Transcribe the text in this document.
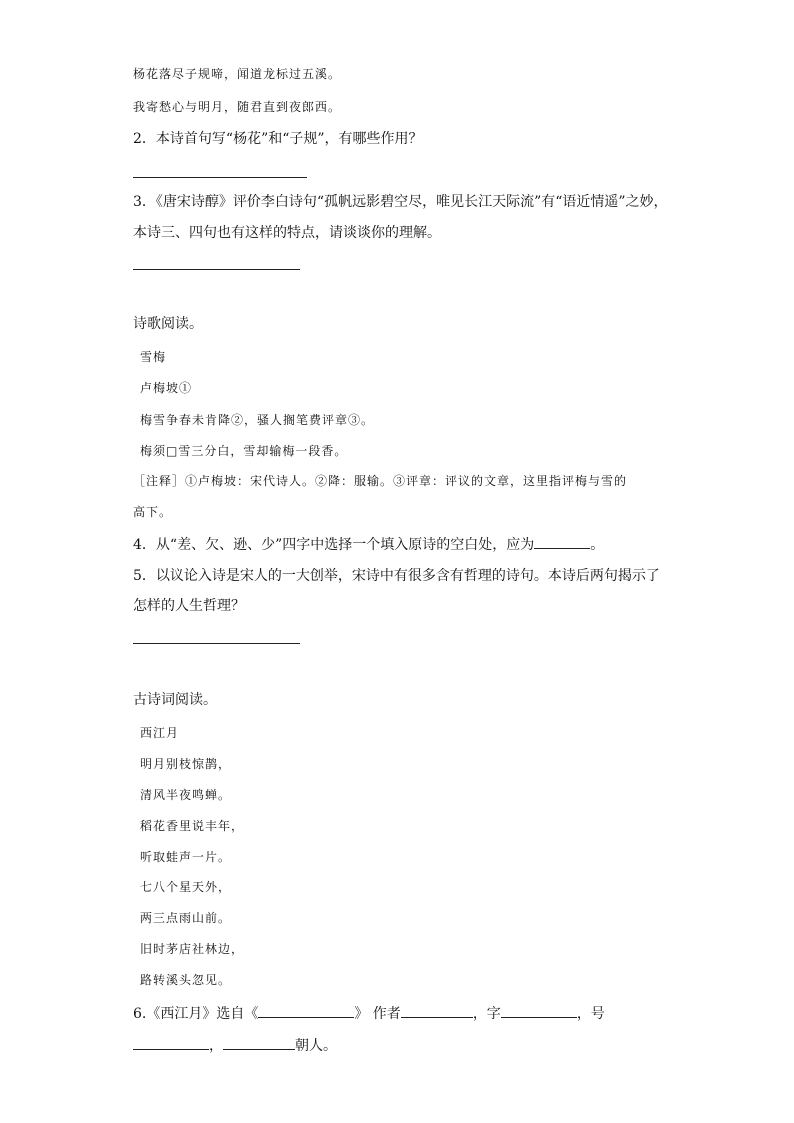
杨花落尽子规啼，闻道龙标过五溪。
我寄愁心与明月，随君直到夜郎西。
2．本诗首句写“杨花”和“子规”，有哪些作用？
3．《唐宋诗醇》评价李白诗句“孤帆远影碧空尽，唯见长江天际流”有“语近情遥”之妙，
本诗三、四句也有这样的特点，请谈谈你的理解。
诗歌阅读。
雪梅
卢梅坡①
梅雪争春未肯降②，骚人搁笔费评章③。
梅须□雪三分白，雪却输梅一段香。
［注释］①卢梅坡：宋代诗人。②降：服输。③评章：评议的文章，这里指评梅与雪的
高下。
4．从“差、欠、逊、少”四字中选择一个填入原诗的空白处，应为	。
5．以议论入诗是宋人的一大创举，宋诗中有很多含有哲理的诗句。本诗后两句揭示了
怎样的人生哲理？
古诗词阅读。
西江月
明月别枝惊鹊，
清风半夜鸣蝉。
稻花香里说丰年，
听取蛙声一片。
七八个星天外，
两三点雨山前。
旧时茅店社林边，
路转溪头忽见。
6.《西江月》选自《	》 作者	，字	，号
，	朝人。
